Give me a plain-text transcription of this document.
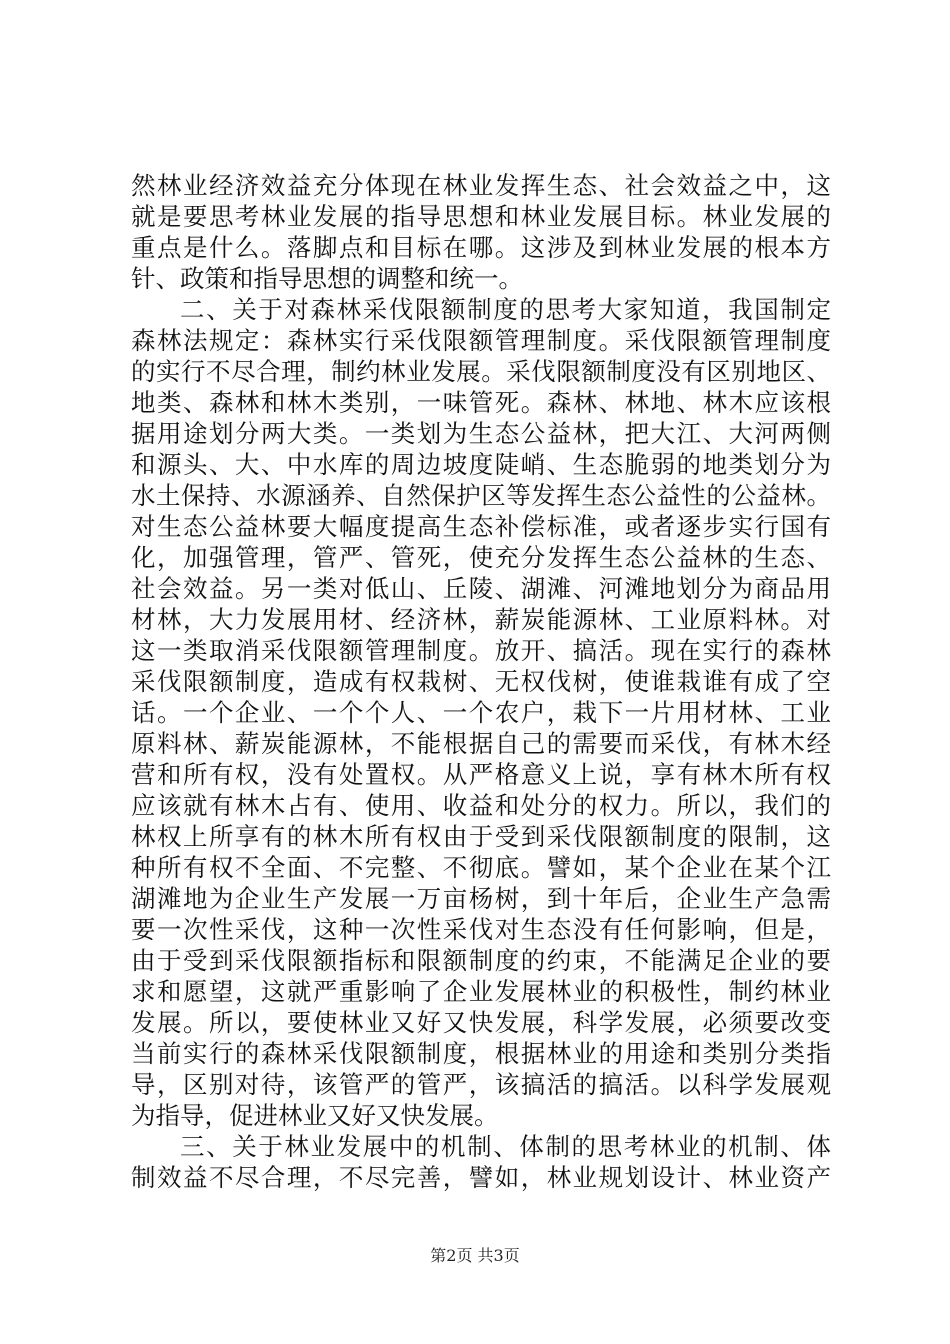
然林业经济效益充分体现在林业发挥生态、社会效益之中，这
就是要思考林业发展的指导思想和林业发展目标。林业发展的
重点是什么。落脚点和目标在哪。这涉及到林业发展的根本方
针、政策和指导思想的调整和统一。
二、关于对森林采伐限额制度的思考大家知道，我国制定
森林法规定：森林实行采伐限额管理制度。采伐限额管理制度
的实行不尽合理，制约林业发展。采伐限额制度没有区别地区、
地类、森林和林木类别，一味管死。森林、林地、林木应该根
据用途划分两大类。一类划为生态公益林，把大江、大河两侧
和源头、大、中水库的周边坡度陡峭、生态脆弱的地类划分为
水土保持、水源涵养、自然保护区等发挥生态公益性的公益林。
对生态公益林要大幅度提高生态补偿标准，或者逐步实行国有
化，加强管理，管严、管死，使充分发挥生态公益林的生态、
社会效益。另一类对低山、丘陵、湖滩、河滩地划分为商品用
材林，大力发展用材、经济林，薪炭能源林、工业原料林。对
这一类取消采伐限额管理制度。放开、搞活。现在实行的森林
采伐限额制度，造成有权栽树、无权伐树，使谁栽谁有成了空
话。一个企业、一个个人、一个农户，栽下一片用材林、工业
原料林、薪炭能源林，不能根据自己的需要而采伐，有林木经
营和所有权，没有处置权。从严格意义上说，享有林木所有权
应该就有林木占有、使用、收益和处分的权力。所以，我们的
林权上所享有的林木所有权由于受到采伐限额制度的限制，这
种所有权不全面、不完整、不彻底。譬如，某个企业在某个江
湖滩地为企业生产发展一万亩杨树，到十年后，企业生产急需
要一次性采伐，这种一次性采伐对生态没有任何影响，但是，
由于受到采伐限额指标和限额制度的约束，不能满足企业的要
求和愿望，这就严重影响了企业发展林业的积极性，制约林业
发展。所以，要使林业又好又快发展，科学发展，必须要改变
当前实行的森林采伐限额制度，根据林业的用途和类别分类指
导，区别对待，该管严的管严，该搞活的搞活。以科学发展观
为指导，促进林业又好又快发展。
三、关于林业发展中的机制、体制的思考林业的机制、体
制效益不尽合理，不尽完善，譬如，林业规划设计、林业资产
第2页 共3页
